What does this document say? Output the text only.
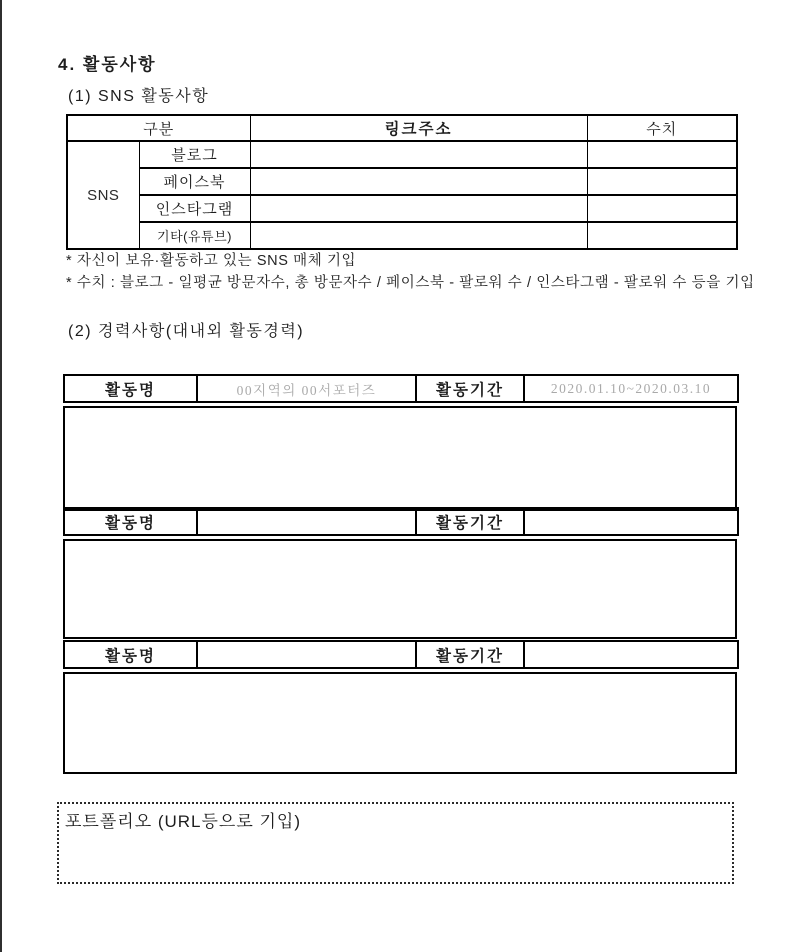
4. 활동사항
(1) SNS 활동사항
구분		링크주소	수치
SNS	블로그		
	페이스북		
	인스타그램		
	기타(유튜브)		
* 자신이 보유·활동하고 있는 SNS 매체 기입
* 수치 : 블로그 - 일평균 방문자수, 총 방문자수 / 페이스북 - 팔로워 수 / 인스타그램 - 팔로워 수 등을 기입
(2) 경력사항(대내외 활동경력)
활동명	00지역의 00서포터즈	활동기간	2020.01.10~2020.03.10
활동명		활동기간	
활동명		활동기간	
포트폴리오 (URL등으로 기입)
